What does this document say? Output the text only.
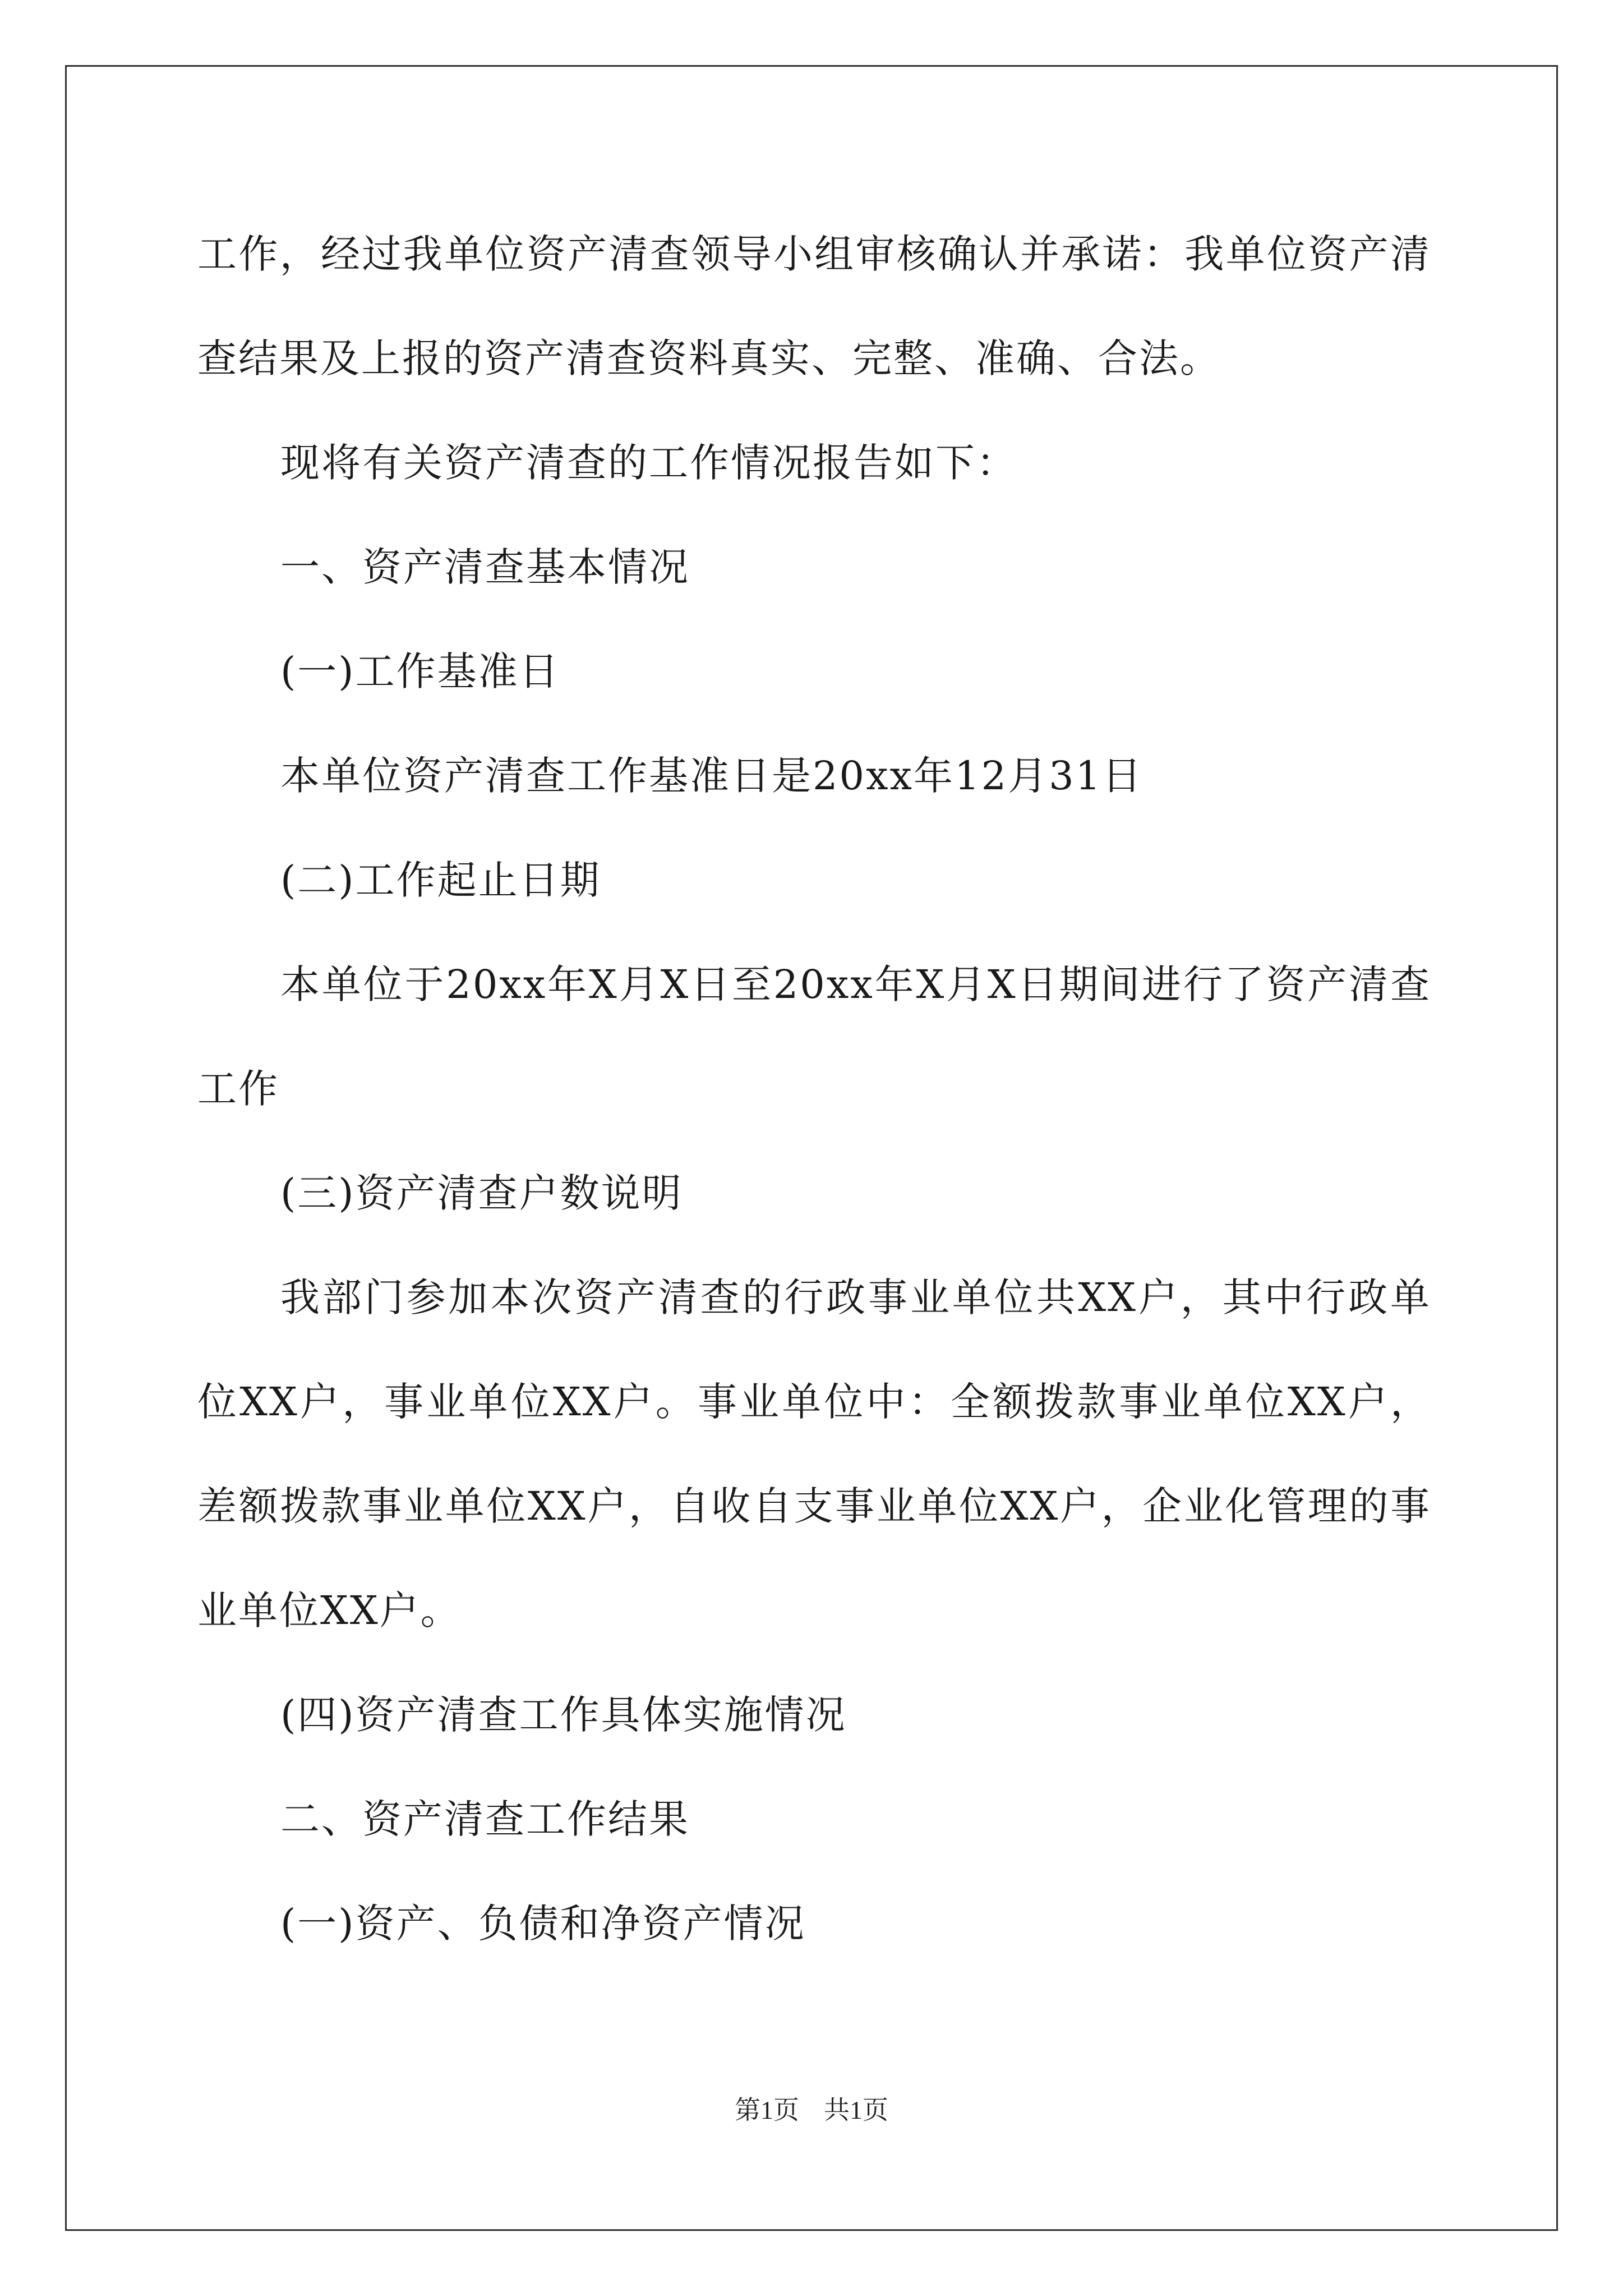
工作，经过我单位资产清查领导小组审核确认并承诺：我单位资产清查结果及上报的资产清查资料真实、完整、准确、合法。

现将有关资产清查的工作情况报告如下：

一、资产清查基本情况

(一)工作基准日

本单位资产清查工作基准日是20xx年12月31日

(二)工作起止日期

本单位于20xx年X月X日至20xx年X月X日期间进行了资产清查工作

(三)资产清查户数说明

我部门参加本次资产清查的行政事业单位共XX户，其中行政单位XX户，事业单位XX户。事业单位中：全额拨款事业单位XX户，差额拨款事业单位XX户，自收自支事业单位XX户，企业化管理的事业单位XX户。

(四)资产清查工作具体实施情况

二、资产清查工作结果

(一)资产、负债和净资产情况

第1页 共1页
